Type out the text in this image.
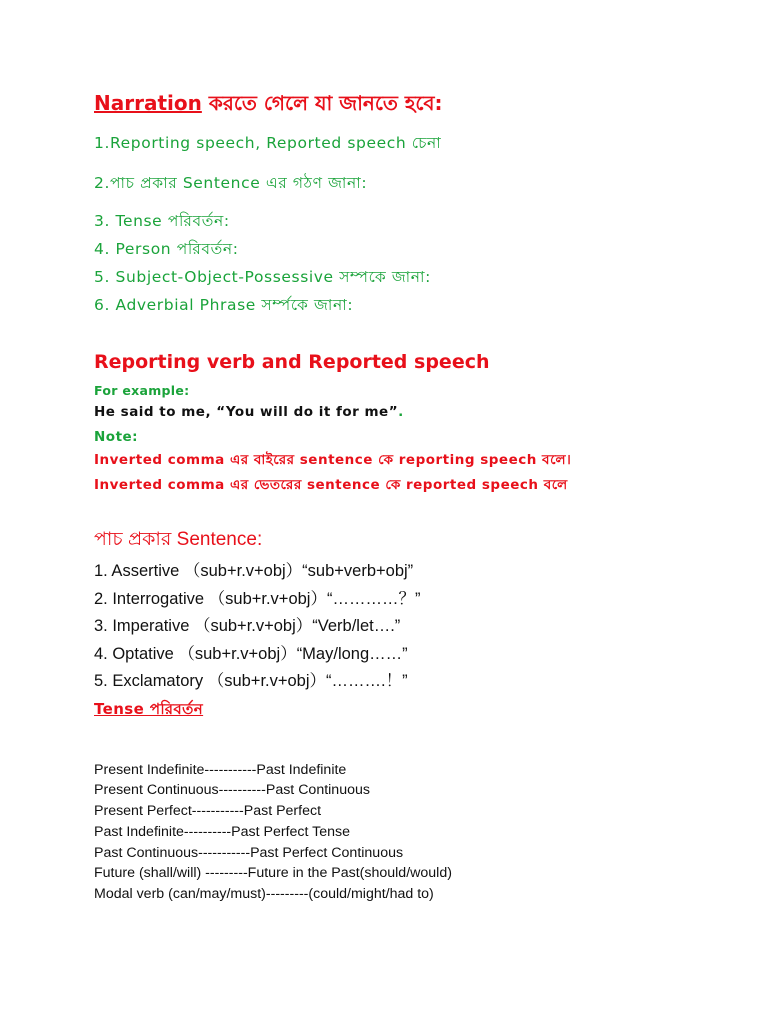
Narration করতে গেলে যা জানতে হবে:
1.Reporting speech, Reported speech চেনা
2.পাচ প্রকার Sentence এর গঠণ জানা:
3. Tense পরিবর্তন:
4. Person পরিবর্তন:
5. Subject-Object-Possessive সম্পকে জানা:
6. Adverbial Phrase সর্ম্পকে জানা:
Reporting verb and Reported speech
For example:
He said to me, “You will do it for me”.
Note:
Inverted comma এর বাইরের sentence কে reporting speech বলে।
Inverted comma এর ভেতরের sentence কে reported speech বলে
পাচ প্রকার Sentence:
1. Assertive （sub+r.v+obj）“sub+verb+obj”
2. Interrogative （sub+r.v+obj）“…………？”
3. Imperative （sub+r.v+obj）“Verb/let….”
4. Optative （sub+r.v+obj）“May/long……”
5. Exclamatory （sub+r.v+obj）“……….！”
Tense পরিবর্তন
Present Indefinite-----------Past Indefinite
Present Continuous----------Past Continuous
Present Perfect-----------Past Perfect
Past Indefinite----------Past Perfect Tense
Past Continuous-----------Past Perfect Continuous
Future (shall/will) ---------Future in the Past(should/would)
Modal verb (can/may/must)---------(could/might/had to)
